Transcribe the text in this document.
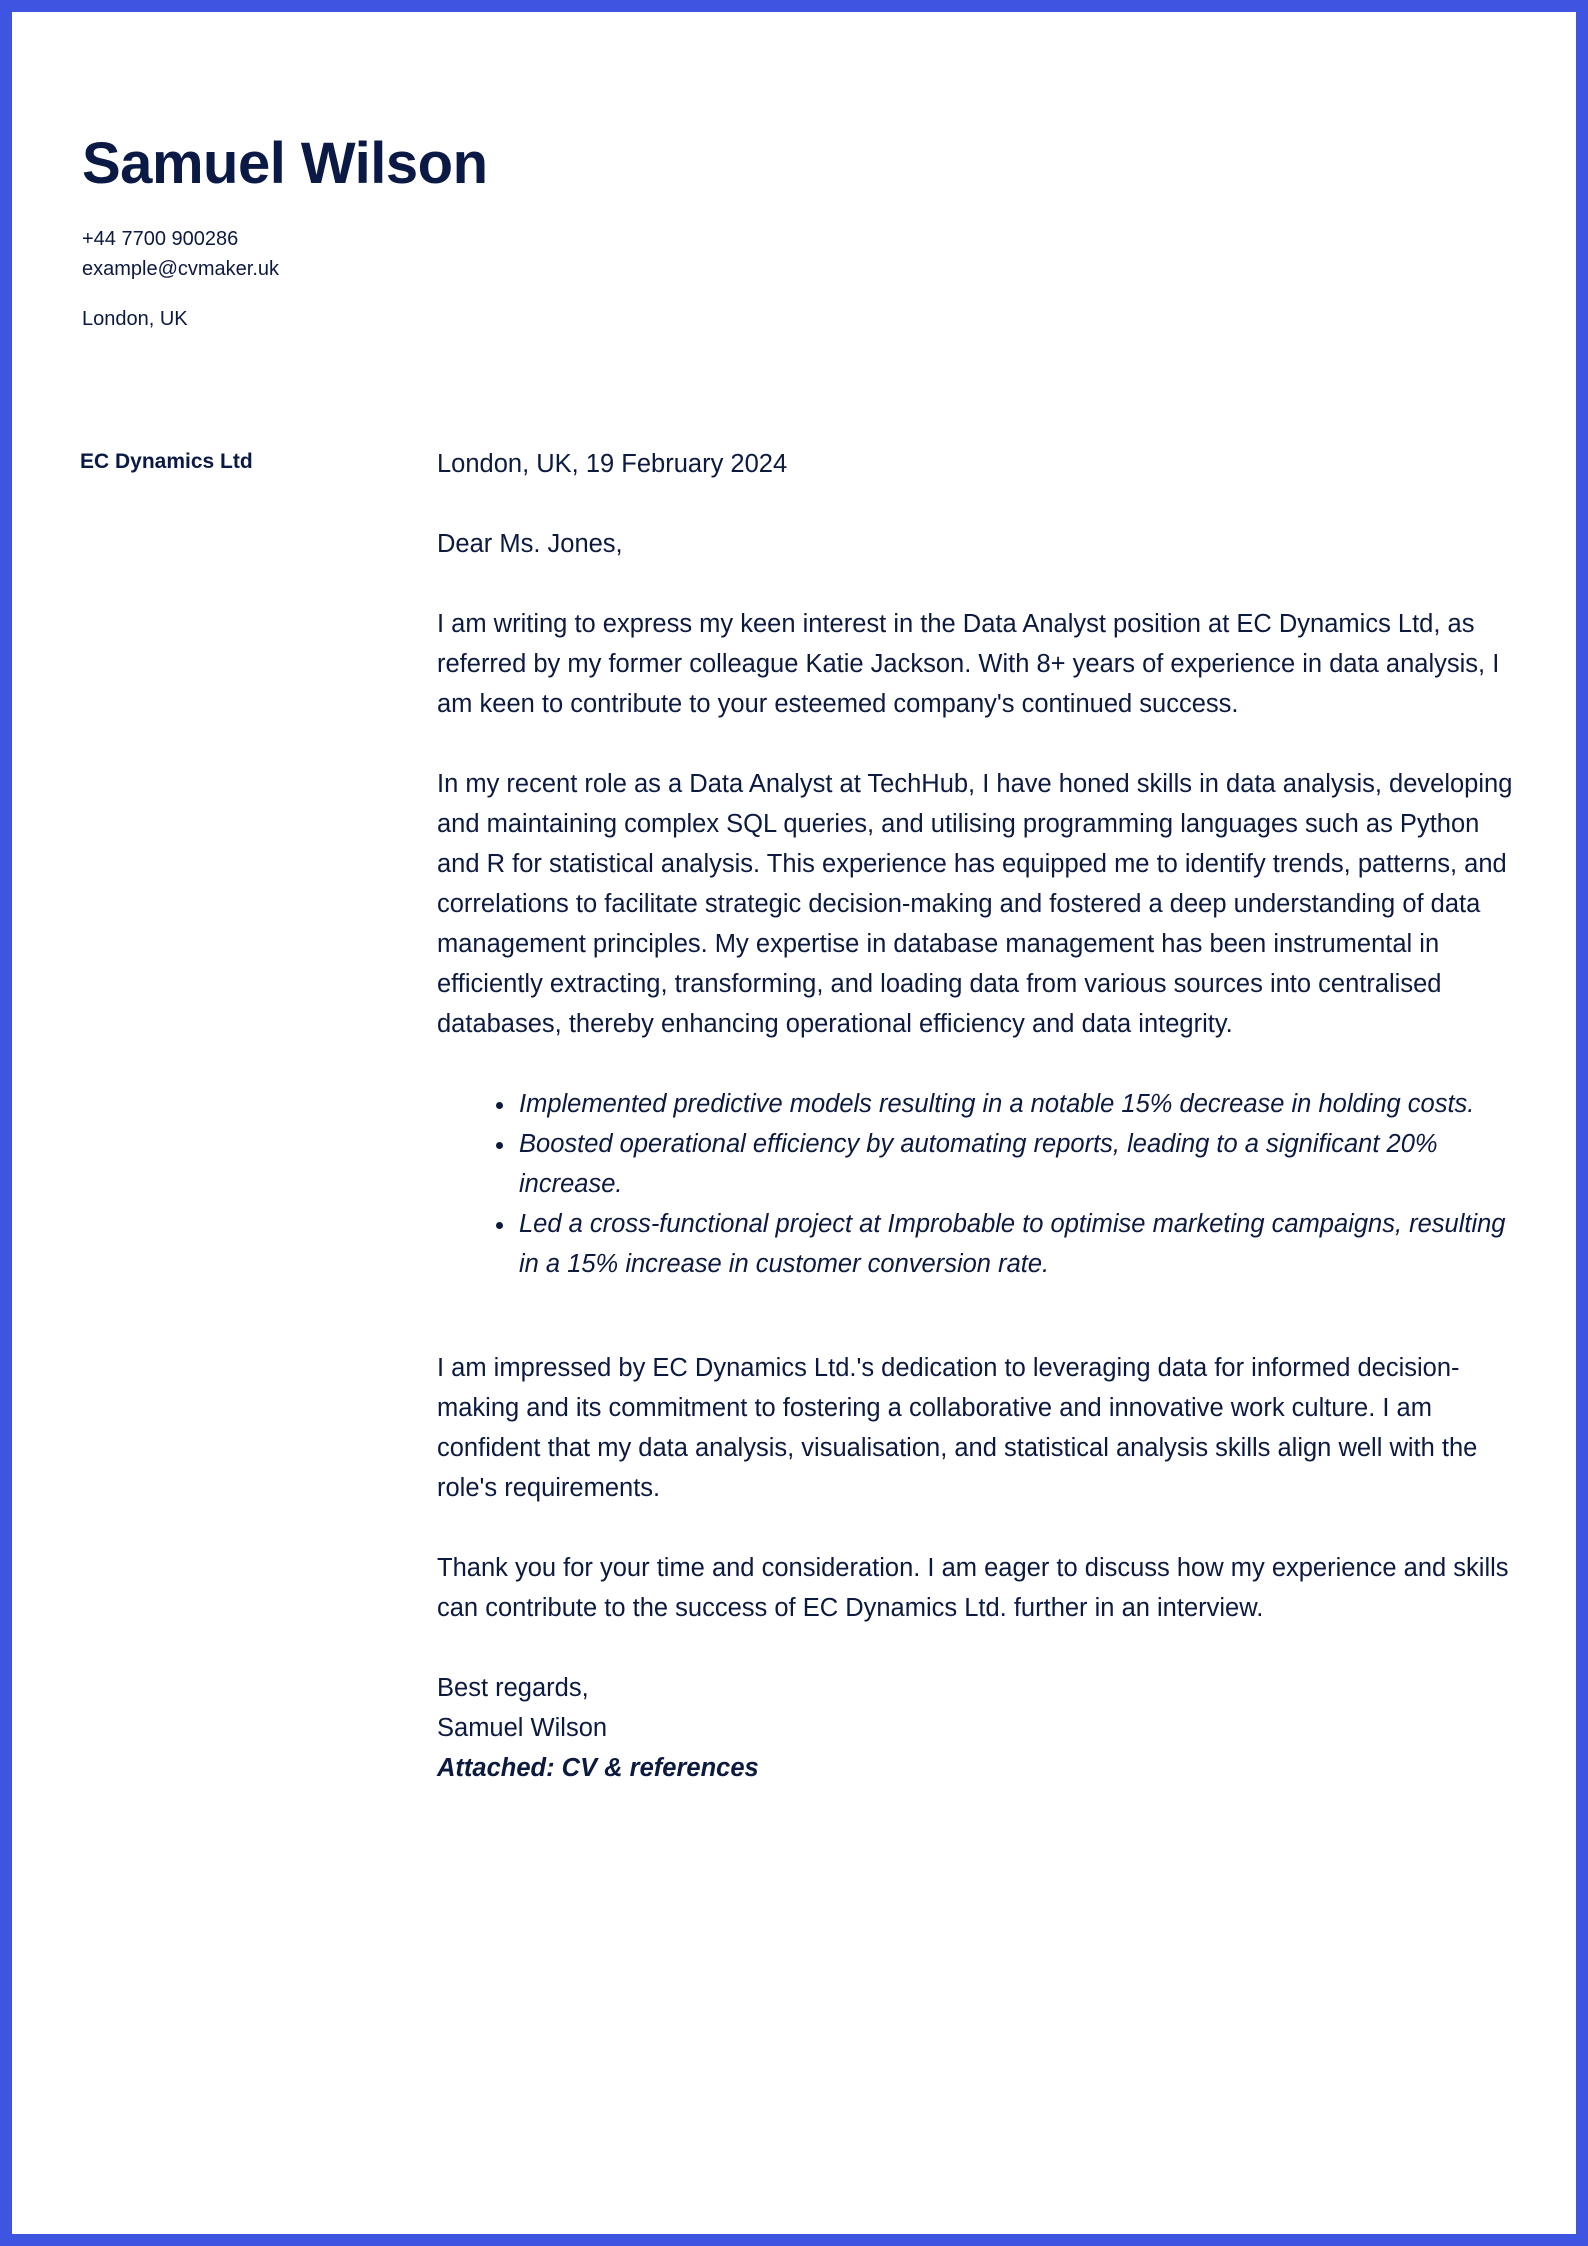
Samuel Wilson
+44 7700 900286
example@cvmaker.uk
London, UK
EC Dynamics Ltd	London, UK, 19 February 2024

Dear Ms. Jones,

I am writing to express my keen interest in the Data Analyst position at EC Dynamics Ltd, as referred by my former colleague Katie Jackson. With 8+ years of experience in data analysis, I am keen to contribute to your esteemed company's continued success.

In my recent role as a Data Analyst at TechHub, I have honed skills in data analysis, developing and maintaining complex SQL queries, and utilising programming languages such as Python and R for statistical analysis. This experience has equipped me to identify trends, patterns, and correlations to facilitate strategic decision-making and fostered a deep understanding of data management principles. My expertise in database management has been instrumental in efficiently extracting, transforming, and loading data from various sources into centralised databases, thereby enhancing operational efficiency and data integrity.

• Implemented predictive models resulting in a notable 15% decrease in holding costs.
• Boosted operational efficiency by automating reports, leading to a significant 20% increase.
• Led a cross-functional project at Improbable to optimise marketing campaigns, resulting in a 15% increase in customer conversion rate.

I am impressed by EC Dynamics Ltd.'s dedication to leveraging data for informed decision-making and its commitment to fostering a collaborative and innovative work culture. I am confident that my data analysis, visualisation, and statistical analysis skills align well with the role's requirements.

Thank you for your time and consideration. I am eager to discuss how my experience and skills can contribute to the success of EC Dynamics Ltd. further in an interview.

Best regards,

Samuel Wilson

Attached: CV & references
